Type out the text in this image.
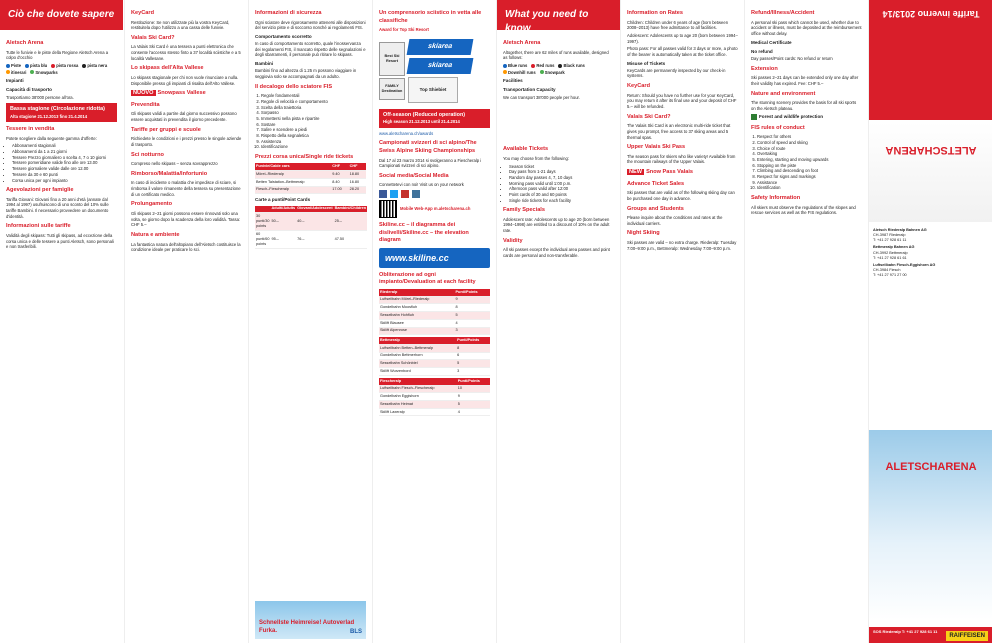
Ciò che dovete sapere
Aletsch Arena

Tutte le funivie e le piste della Regione Aletsch Arena a colpo d'occhio

Piste pista blu pista rossa pista nera
itinerari Snowparks
Impianti
Capacità di trasporto

Trasportiamo 38'000 persone all'ora.

Bassa stagione (Circolazione ridotta)
Alta stagione 21.12.2013 fino 21.4.2014
Tessere in vendita

Potete scegliere dalla seguente gamma d'offerte:

• Abbonamenti stagionali
• Abbonamenti da 1 a 21 giorni
• Tessere Prezzo giornaliero o scelta 4, 7 o 10 giorni
• Tessere pomeridiane valide fino alle ore 13.00
• Tessere giornaliere valide dalle ore 12.00
• Tessere da 30 e 60 punti
• Corsa unica per ogni impianto
Agevolazioni per famiglie

Tariffa Giovani: Giovani fino a 20 anni d'età (annate dal 1994 al 1997) usufruiscono di uno sconto del 10% sulle tariffe Bambini. Il necessario provvedere un documento d'identità.

Informazioni sulle tariffe

Validità degli skipass: Tutti gli skipass, ad eccezione della corsa unica e delle tessere a punti Aletsch, sono personali e non trasferibili.

KeyCard

Restituzione: Se non utilizzate più la vostra KeyCard, restituitela dopo l'utilizzo a una cassa delle funivie.

Valais Ski Card?

La Valais Ski Card è una tessera a punti elettronica che consente l'accesso stesso finto a 37 località sciistiche e a 5 località Vallesane.

Lo skipass dell'Alta Vallese

Lo skipass stagionale per chi non vuole rinunciare a nulla. Disponibile presso gli impianti di risalita dell'Alto Vallese.

NUOVO Snowpass Vallese
Prevendita

Gli skipass validi a partire dal giorno successivo possono essere acquistati in prevendita il giorno precedente.

Tariffe per gruppi e scuole

Richiedete le condizioni e i prezzi presso le singole aziende di trasporto.

Sci notturno

Compreso nello skipass – senza sovrapprezzo

Rimborso/Malattia/Infortunio

In caso di incidente o malattia che impedisce di sciare, si rimborsa il valore rimanente della tessera su presentazione di un certificato medico.

Prolungamento

Gli skipass 2–21 giorni possono essere rinnovati solo una volta, se giorno dopo la scadenza della loro validità. Tassa: CHF 5.–

Natura e ambiente

La fantastica natura dell'altopiano dell'Aletsch costituisce la condizione ideale per praticare lo sci.

Informazioni di sicurezza

Ogni sciatore deve rigorosamente attenersi alle disposizioni del servizio piste e di soccorso nonché ai regolamenti FIS.

Comportamento scorretto

In caso di comportamento scorretto, quale l'inosservanza dei regolamenti FIS, il mancato rispetto delle segnalazioni e degli sbarramenti, il personale può ritirare lo skipass.

Bambini

Bambini fino ad altezza di 1.25 m possono viaggiare in seggiovia solo se accompagnati da un adulto.

Il decalogo dello sciatore FIS
1. Regole fondamentali
2. Regole di velocità e comportamento
3. Scelta della traiettoria
4. Sorpasso
5. Immettersi nella pista e ripartire
6. Sostare
7. Salire e scendere a piedi
8. Rispetto della segnaletica
9. Assistenza
10. Identificazione
Prezzi corsa unica/Single ride tickets
Funivie/Cable cars	CHF	CHF
Mörel–Riederalp	9.40	18.80
Betten Talstation–Bettmeralp	8.40	16.80
Fiesch–Fiescheralp	17.00	28.20
Carte a punti/Point Cards
	Adulti/Adults	Giovani/Adolescent	Bambini/Children
30 punti/30 points	50.–	40.–	25.–
60 punti/60 points	95.–	76.–	47.50
Schnellste Heimreise! Autoverlad Furka.	BLS
Un comprensorio sciistico in vetta alle classifiche

Award for Top Ski Resort

Best Ski Resort
FAMILY Destination
skiarea
skiarea
Top Shiebiet
Off-season (Reduced operation)
High season 21.12.2013 until 21.4.2014

www.aletscharena.ch/awards

Campionati svizzeri di sci alpino/The Swiss Alpine Skiing Championships

Dal 17 al 23 marzo 2014 si svolgeranno a Fiescheralp i Campionati svizzeri di sci alpino.

Social media/Social Media

Connettetevi con noi! Visit us on your network

Mobile Web-App m.aletscharena.ch
Skiline.cc – il diagramma dei dislivelli/Skiline.cc – the elevation diagram
www.skiline.cc
Obliterazione ad ogni impianto/Devaluation at each facility
Riederalp	Punti/Points
Luftseilbahn Mörel–Riederalp	9
Gondelbahn Moosfluh	8
Sesselbahn Hohfluh	5
Skilift Blausee	4
Skilift Alpenrose	3
Bettmeralp	Punti/Points
Luftseilbahn Betten–Bettmeralp	8
Gondelbahn Bettmerhorn	6
Sesselbahn Schönbiel	5
Skilift Wurzenbord	3
Fiescheralp	Punti/Points
Luftseilbahn Fiesch–Fiescheralp	10
Gondelbahn Eggishorn	9
Sesselbahn Heimat	5
Skilift Laxeralp	4
What you need to know
Aletsch Arena

Altogether, there are 62 miles of runs available, designed as follows:

Blue runs Red runs Black runs
Downhill runs Snowpark
Facilities
Transportation Capacity

We can transport 38'000 people per hour.

Available Tickets

You may choose from the following:

• Season ticket
• Day pass from 1-21 days
• Random day passes 4, 7, 10 days
• Morning pass valid until 1:00 p.m.
• Afternoon pass valid after 12:00
• Point cards of 30 and 60 points
• Single ride tickets for each facility
Family Specials

Adolescent rate: Adolescents up to age 20 (born between 1994–1998) are entitled to a discount of 10% on the adult rate.

Validity

All ski passes except the individual area passes and point cards are personal and non-transferable.

Information on Rates

Children: Children under 6 years of age (born between 2008–2013) have free admittance to all facilities.

Adolescent: Adolescents up to age 20 (born between 1994–1997).

Photo pass: For all passes valid for 3 days or more, a photo of the bearer is automatically taken at the ticket office.

Misuse of Tickets

KeyCards are permanently inspected by our check-in systems.

KeyCard

Return: Should you have no further use for your KeyCard, you may return it after its final use and your deposit of CHF 5.– will be refunded.

Valais Ski Card?

The Valais Ski Card is an electronic multi-ride ticket that gives you prompt, free access to 37 skiing areas and 5 thermal spas.

Upper Valais Ski Pass

The season pass for skiers who like variety! Available from the mountain railways of the Upper Valais.

NEW Snow Pass Valais
Advance Ticket Sales

Ski passes that are valid as of the following skiing day can be purchased one day in advance.

Groups and Students

Please inquire about the conditions and rates at the individual carriers.

Night Skiing

Ski passes are valid – no extra charge. Riederalp: Tuesday 7:00–9:00 p.m., Bettmeralp: Wednesday 7:00–9:00 p.m.

Refund/Illness/Accident

A personal ski pass which cannot be used, whether due to accident or illness, must be deposited at the reimbursement office without delay.

Medical Certificate
No refund

Day passes/Point cards: No refund or return

Extension

Ski passes 2–21 days can be extended only one day after their validity has expired. Fee: CHF 5.–

Nature and environment

The stunning scenery provides the basis for all ski sports on the Aletsch plateau.

Forest and wildlife protection
FIS rules of conduct
1. Respect for others
2. Control of speed and skiing
3. Choice of route
4. Overtaking
5. Entering, starting and moving upwards
6. Stopping on the piste
7. Climbing and descending on foot
8. Respect for signs and markings
9. Assistance
10. Identification
Safety Information

All skiers must observe the regulations of the slopes and rescue services as well as the FIS regulations.

Tariffe inverno 2013/14
ALETSCHARENA
Aletsch Riederalp Bahnen AG
CH-3987 Riederalp
T: +41 27 928 61 11
Bettmeralp Bahnen AG
CH-3992 Bettmeralp
T: +41 27 928 61 61
Luftseilbahn Fiesch-Eggishorn AG
CH-3984 Fiesch
T: +41 27 971 27 00
ALETSCHARENA
SOS Riederalp T: +41 27 928 61 11
RAIFFEISEN
